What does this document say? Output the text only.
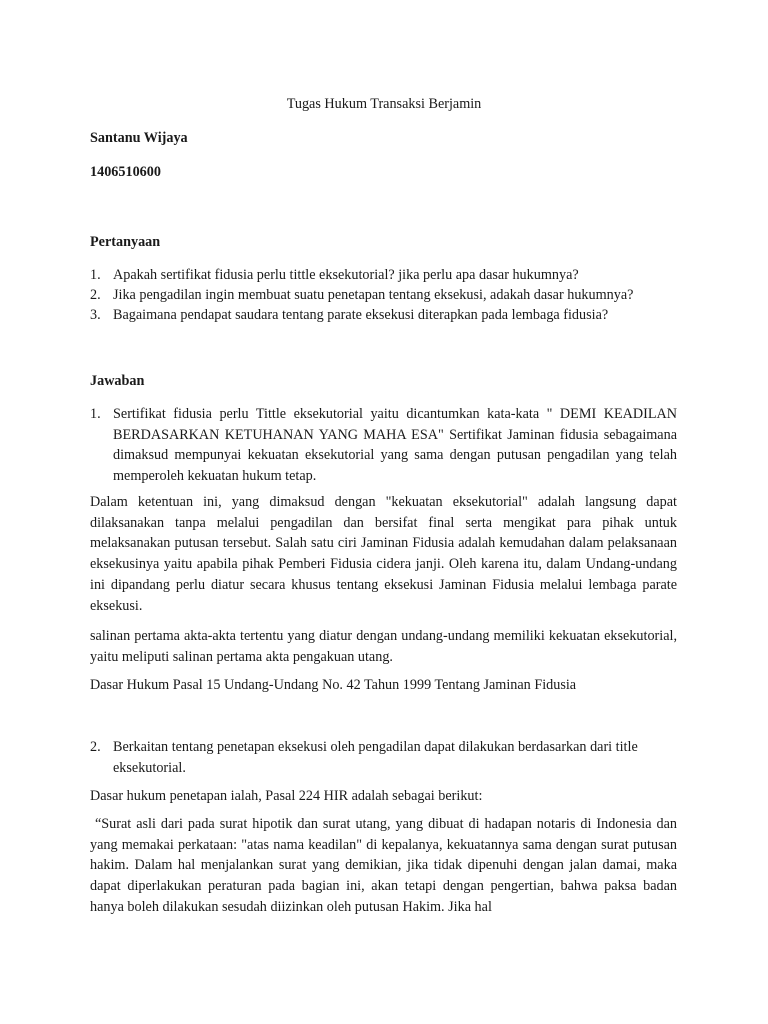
Tugas Hukum Transaksi Berjamin
Santanu Wijaya
1406510600
Pertanyaan
1. Apakah sertifikat fidusia perlu tittle eksekutorial? jika perlu apa dasar hukumnya?
2. Jika pengadilan ingin membuat suatu penetapan tentang eksekusi, adakah dasar hukumnya?
3. Bagaimana pendapat saudara tentang parate eksekusi diterapkan pada lembaga fidusia?
Jawaban
1. Sertifikat fidusia perlu Tittle eksekutorial yaitu dicantumkan kata-kata " DEMI KEADILAN BERDASARKAN KETUHANAN YANG MAHA ESA" Sertifikat Jaminan fidusia sebagaimana dimaksud mempunyai kekuatan eksekutorial yang sama dengan putusan pengadilan yang telah memperoleh kekuatan hukum tetap.
Dalam ketentuan ini, yang dimaksud dengan "kekuatan eksekutorial" adalah langsung dapat dilaksanakan tanpa melalui pengadilan dan bersifat final serta mengikat para pihak untuk melaksanakan putusan tersebut. Salah satu ciri Jaminan Fidusia adalah kemudahan dalam pelaksanaan eksekusinya yaitu apabila pihak Pemberi Fidusia cidera janji. Oleh karena itu, dalam Undang-undang ini dipandang perlu diatur secara khusus tentang eksekusi Jaminan Fidusia melalui lembaga parate eksekusi.
salinan pertama akta-akta tertentu yang diatur dengan undang-undang memiliki kekuatan eksekutorial, yaitu meliputi salinan pertama akta pengakuan utang.
Dasar Hukum Pasal 15 Undang-Undang No. 42 Tahun 1999 Tentang Jaminan Fidusia
2. Berkaitan tentang penetapan eksekusi oleh pengadilan dapat dilakukan berdasarkan dari title eksekutorial.
Dasar hukum penetapan ialah, Pasal 224 HIR adalah sebagai berikut:
“Surat asli dari pada surat hipotik dan surat utang, yang dibuat di hadapan notaris di Indonesia dan yang memakai perkataan: "atas nama keadilan" di kepalanya, kekuatannya sama dengan surat putusan hakim. Dalam hal menjalankan surat yang demikian, jika tidak dipenuhi dengan jalan damai, maka dapat diperlakukan peraturan pada bagian ini, akan tetapi dengan pengertian, bahwa paksa badan hanya boleh dilakukan sesudah diizinkan oleh putusan Hakim. Jika hal
